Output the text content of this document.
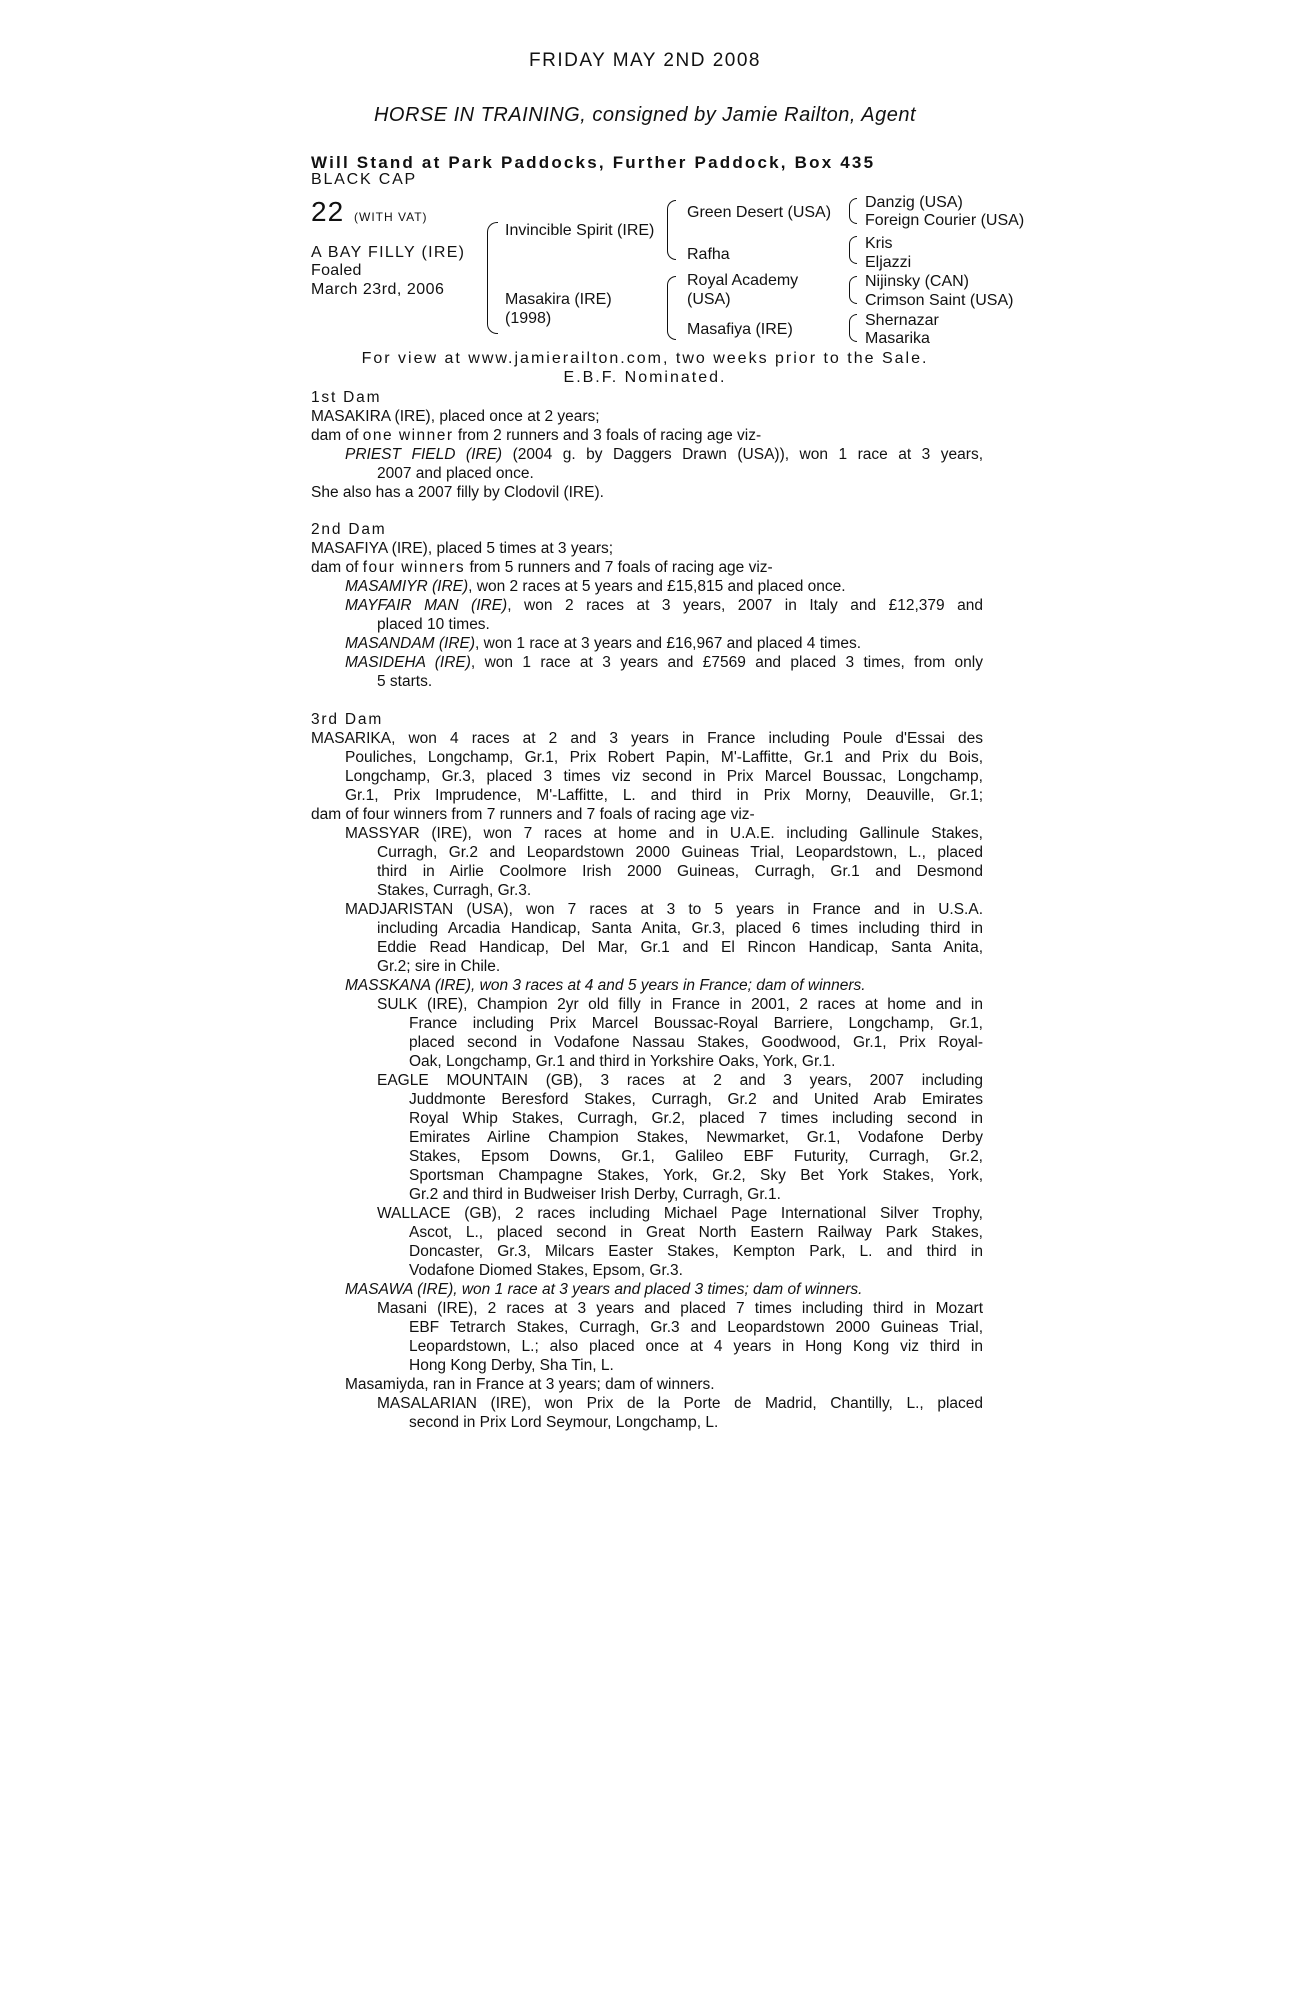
FRIDAY MAY 2ND 2008
HORSE IN TRAINING, consigned by Jamie Railton, Agent
Will Stand at Park Paddocks, Further Paddock, Box 435
BLACK CAP
22 (WITH VAT)
A BAY FILLY (IRE)
Foaled
March 23rd, 2006
Invincible Spirit (IRE)
Masakira (IRE)
(1998)
Green Desert (USA)
Rafha
Royal Academy
(USA)
Masafiya (IRE)
Danzig (USA)
Foreign Courier (USA)
Kris
Eljazzi
Nijinsky (CAN)
Crimson Saint (USA)
Shernazar
Masarika
For view at www.jamierailton.com, two weeks prior to the Sale.
E.B.F. Nominated.
1st Dam
MASAKIRA (IRE), placed once at 2 years;
dam of one winner from 2 runners and 3 foals of racing age viz-
PRIEST FIELD (IRE) (2004 g. by Daggers Drawn (USA)), won 1 race at 3 years,
2007 and placed once.
She also has a 2007 filly by Clodovil (IRE).
2nd Dam
MASAFIYA (IRE), placed 5 times at 3 years;
dam of four winners from 5 runners and 7 foals of racing age viz-
MASAMIYR (IRE), won 2 races at 5 years and £15,815 and placed once.
MAYFAIR MAN (IRE), won 2 races at 3 years, 2007 in Italy and £12,379 and
placed 10 times.
MASANDAM (IRE), won 1 race at 3 years and £16,967 and placed 4 times.
MASIDEHA (IRE), won 1 race at 3 years and £7569 and placed 3 times, from only
5 starts.
3rd Dam
MASARIKA, won 4 races at 2 and 3 years in France including Poule d'Essai des
Pouliches, Longchamp, Gr.1, Prix Robert Papin, M'-Laffitte, Gr.1 and Prix du Bois,
Longchamp, Gr.3, placed 3 times viz second in Prix Marcel Boussac, Longchamp,
Gr.1, Prix Imprudence, M'-Laffitte, L. and third in Prix Morny, Deauville, Gr.1;
dam of four winners from 7 runners and 7 foals of racing age viz-
MASSYAR (IRE), won 7 races at home and in U.A.E. including Gallinule Stakes,
Curragh, Gr.2 and Leopardstown 2000 Guineas Trial, Leopardstown, L., placed
third in Airlie Coolmore Irish 2000 Guineas, Curragh, Gr.1 and Desmond
Stakes, Curragh, Gr.3.
MADJARISTAN (USA), won 7 races at 3 to 5 years in France and in U.S.A.
including Arcadia Handicap, Santa Anita, Gr.3, placed 6 times including third in
Eddie Read Handicap, Del Mar, Gr.1 and El Rincon Handicap, Santa Anita,
Gr.2; sire in Chile.
MASSKANA (IRE), won 3 races at 4 and 5 years in France; dam of winners.
SULK (IRE), Champion 2yr old filly in France in 2001, 2 races at home and in
France including Prix Marcel Boussac-Royal Barriere, Longchamp, Gr.1,
placed second in Vodafone Nassau Stakes, Goodwood, Gr.1, Prix Royal-
Oak, Longchamp, Gr.1 and third in Yorkshire Oaks, York, Gr.1.
EAGLE MOUNTAIN (GB), 3 races at 2 and 3 years, 2007 including
Juddmonte Beresford Stakes, Curragh, Gr.2 and United Arab Emirates
Royal Whip Stakes, Curragh, Gr.2, placed 7 times including second in
Emirates Airline Champion Stakes, Newmarket, Gr.1, Vodafone Derby
Stakes, Epsom Downs, Gr.1, Galileo EBF Futurity, Curragh, Gr.2,
Sportsman Champagne Stakes, York, Gr.2, Sky Bet York Stakes, York,
Gr.2 and third in Budweiser Irish Derby, Curragh, Gr.1.
WALLACE (GB), 2 races including Michael Page International Silver Trophy,
Ascot, L., placed second in Great North Eastern Railway Park Stakes,
Doncaster, Gr.3, Milcars Easter Stakes, Kempton Park, L. and third in
Vodafone Diomed Stakes, Epsom, Gr.3.
MASAWA (IRE), won 1 race at 3 years and placed 3 times; dam of winners.
Masani (IRE), 2 races at 3 years and placed 7 times including third in Mozart
EBF Tetrarch Stakes, Curragh, Gr.3 and Leopardstown 2000 Guineas Trial,
Leopardstown, L.; also placed once at 4 years in Hong Kong viz third in
Hong Kong Derby, Sha Tin, L.
Masamiyda, ran in France at 3 years; dam of winners.
MASALARIAN (IRE), won Prix de la Porte de Madrid, Chantilly, L., placed
second in Prix Lord Seymour, Longchamp, L.
